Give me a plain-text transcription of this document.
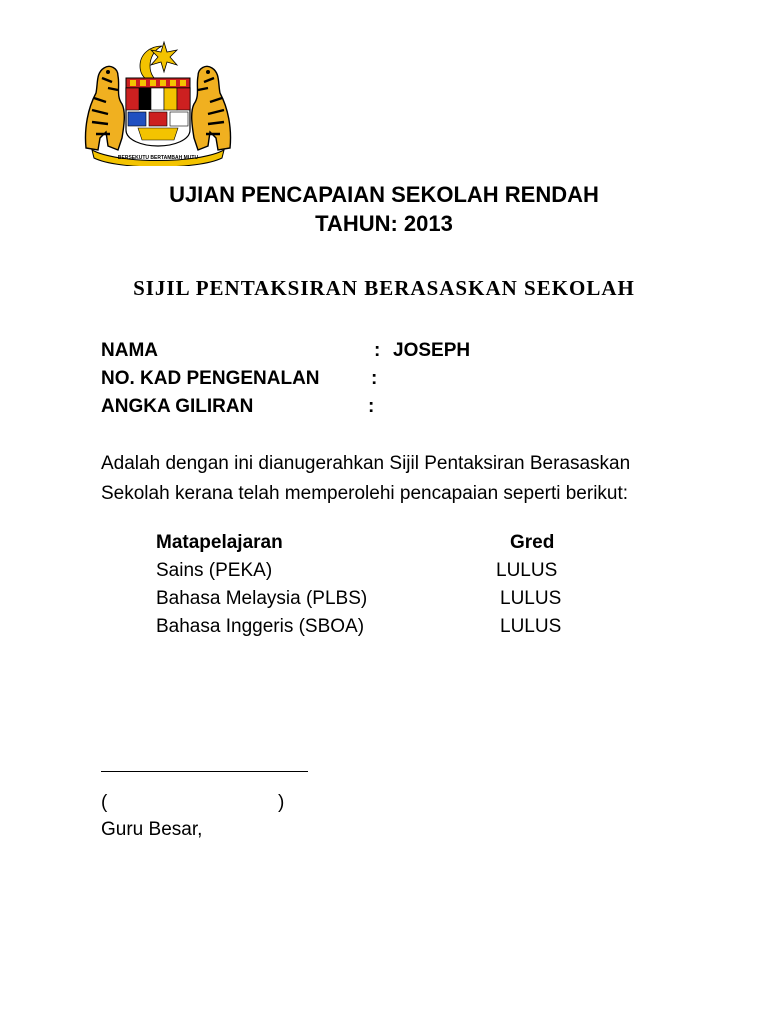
BERSEKUTU BERTAMBAH MUTU
UJIAN PENCAPAIAN SEKOLAH RENDAH
TAHUN: 2013
SIJIL PENTAKSIRAN BERASASKAN SEKOLAH
NAMA	: JOSEPH
NO. KAD PENGENALAN	:
ANGKA GILIRAN	:

Adalah dengan ini dianugerahkan Sijil Pentaksiran Berasaskan

Sekolah kerana telah memperolehi pencapaian seperti berikut:

Matapelajaran	Gred
Sains (PEKA)	LULUS
Bahasa Melaysia (PLBS)	LULUS
Bahasa Inggeris (SBOA)	LULUS
(	)
Guru Besar,
